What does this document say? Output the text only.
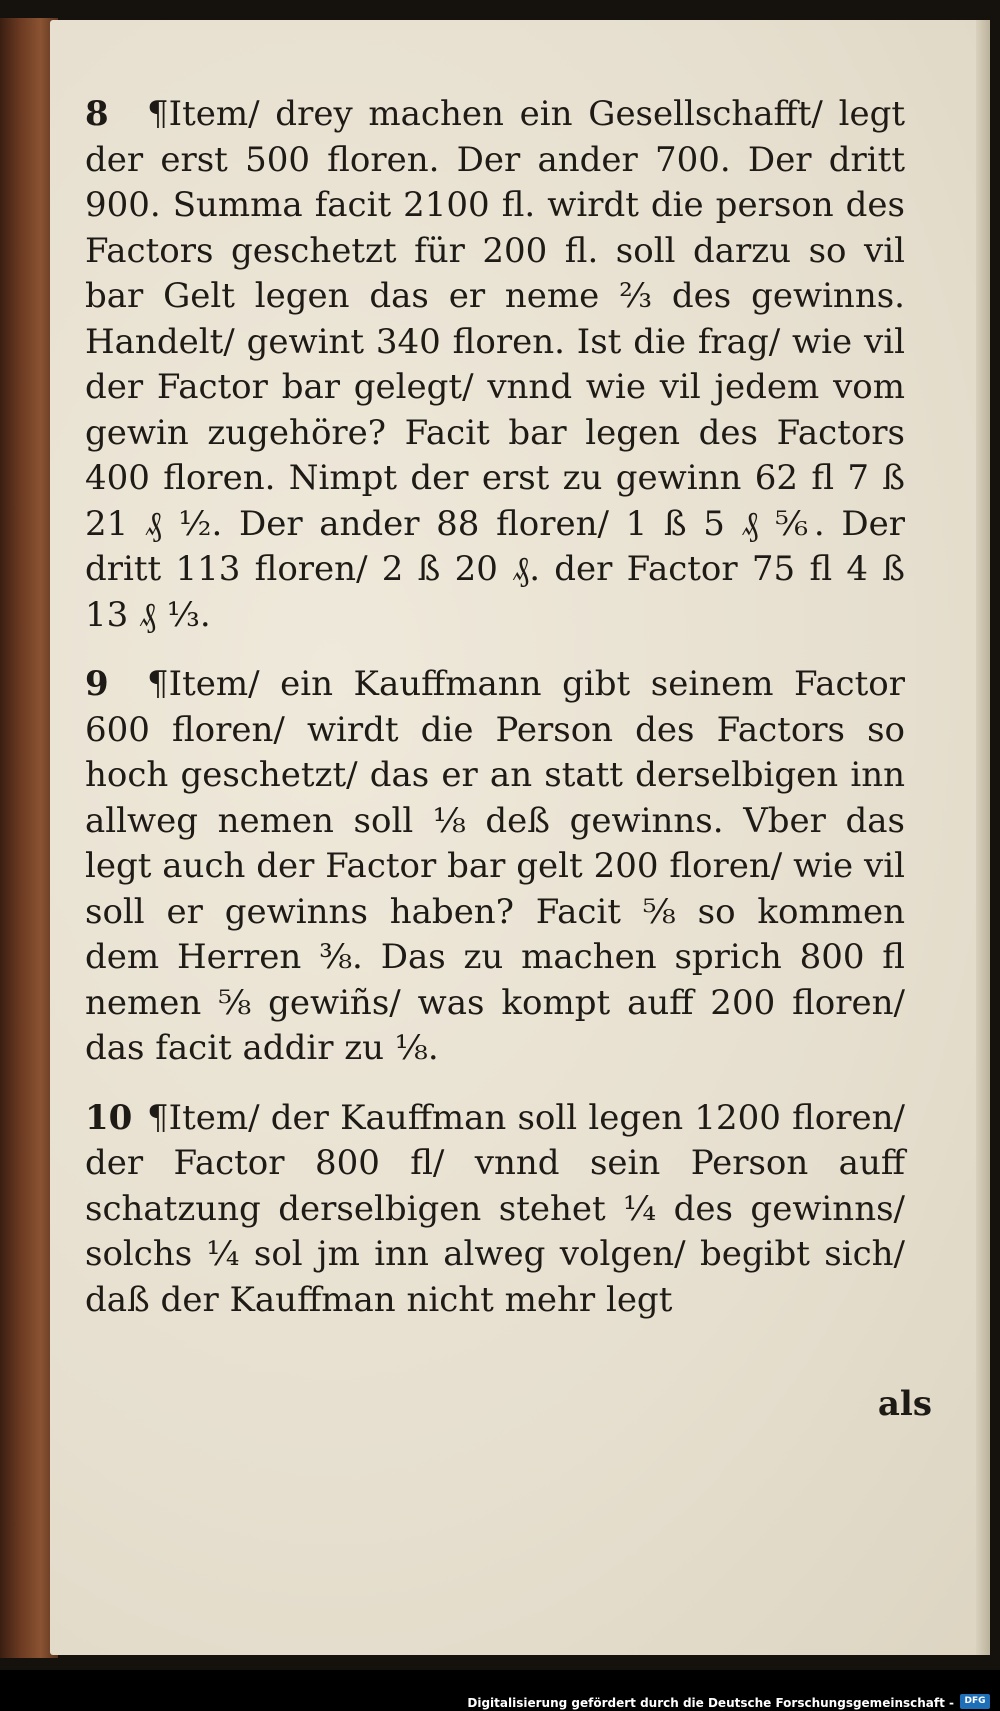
8 ¶Item/ drey machen ein Gesellschafft/ legt der erst 500 floren. Der ander 700. Der dritt 900. Summa facit 2100 fl. wirdt die person des Factors geschetzt für 200 fl. soll darzu so vil bar Gelt legen das er neme ⅔ des gewinns. Handelt/ gewint 340 floren. Ist die frag/ wie vil der Factor bar gelegt/ vnnd wie vil jedem vom gewin zugehöre? Facit bar legen des Factors 400 floren. Nimpt der erst zu gewinn 62 fl 7 ß 21 ₰ ½. Der ander 88 floren/ 1 ß 5 ₰ ⅚. Der dritt 113 floren/ 2 ß 20 ₰. der Factor 75 fl 4 ß 13 ₰ ⅓.

9 ¶Item/ ein Kauffmann gibt seinem Factor 600 floren/ wirdt die Person des Factors so hoch geschetzt/ das er an statt derselbigen inn allweg nemen soll ⅛ deß gewinns. Vber das legt auch der Factor bar gelt 200 floren/ wie vil soll er gewinns haben? Facit ⅝ so kommen dem Herren ⅜. Das zu machen sprich 800 fl nemen ⅝ gewiñs/ was kompt auff 200 floren/ das facit addir zu ⅛.

10 ¶Item/ der Kauffman soll legen 1200 floren/ der Factor 800 fl/ vnnd sein Person auff schatzung derselbigen stehet ¼ des gewinns/ solchs ¼ sol jm inn alweg volgen/ begibt sich/ daß der Kauffman nicht mehr legt

als
Digitalisierung gefördert durch die Deutsche Forschungsgemeinschaft -	DFG
